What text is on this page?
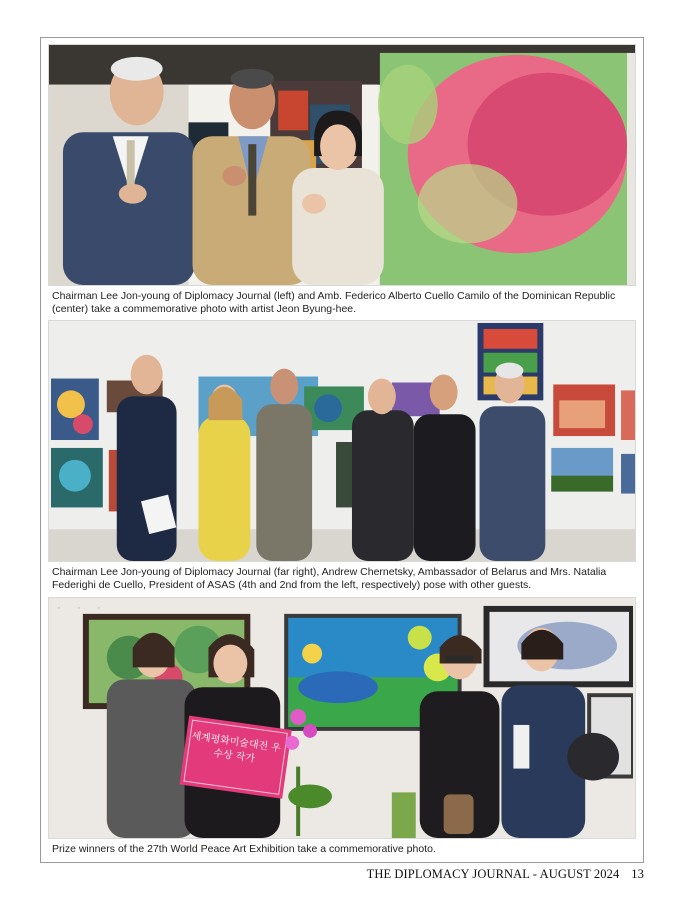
Chairman Lee Jon-young of Diplomacy Journal (left) and Amb. Federico Alberto Cuello Camilo of the Dominican Republic (center) take a commemorative photo with artist Jeon Byung-hee.
Chairman Lee Jon-young of Diplomacy Journal (far right), Andrew Chernetsky, Ambassador of Belarus and Mrs. Natalia Federighi de Cuello, President of ASAS (4th and 2nd from the left, respectively) pose with other guests.
세계평화미술대전 우수상 작가
Prize winners of the 27th World Peace Art Exhibition take a commemorative photo.
THE DIPLOMACY JOURNAL - AUGUST 2024 13
